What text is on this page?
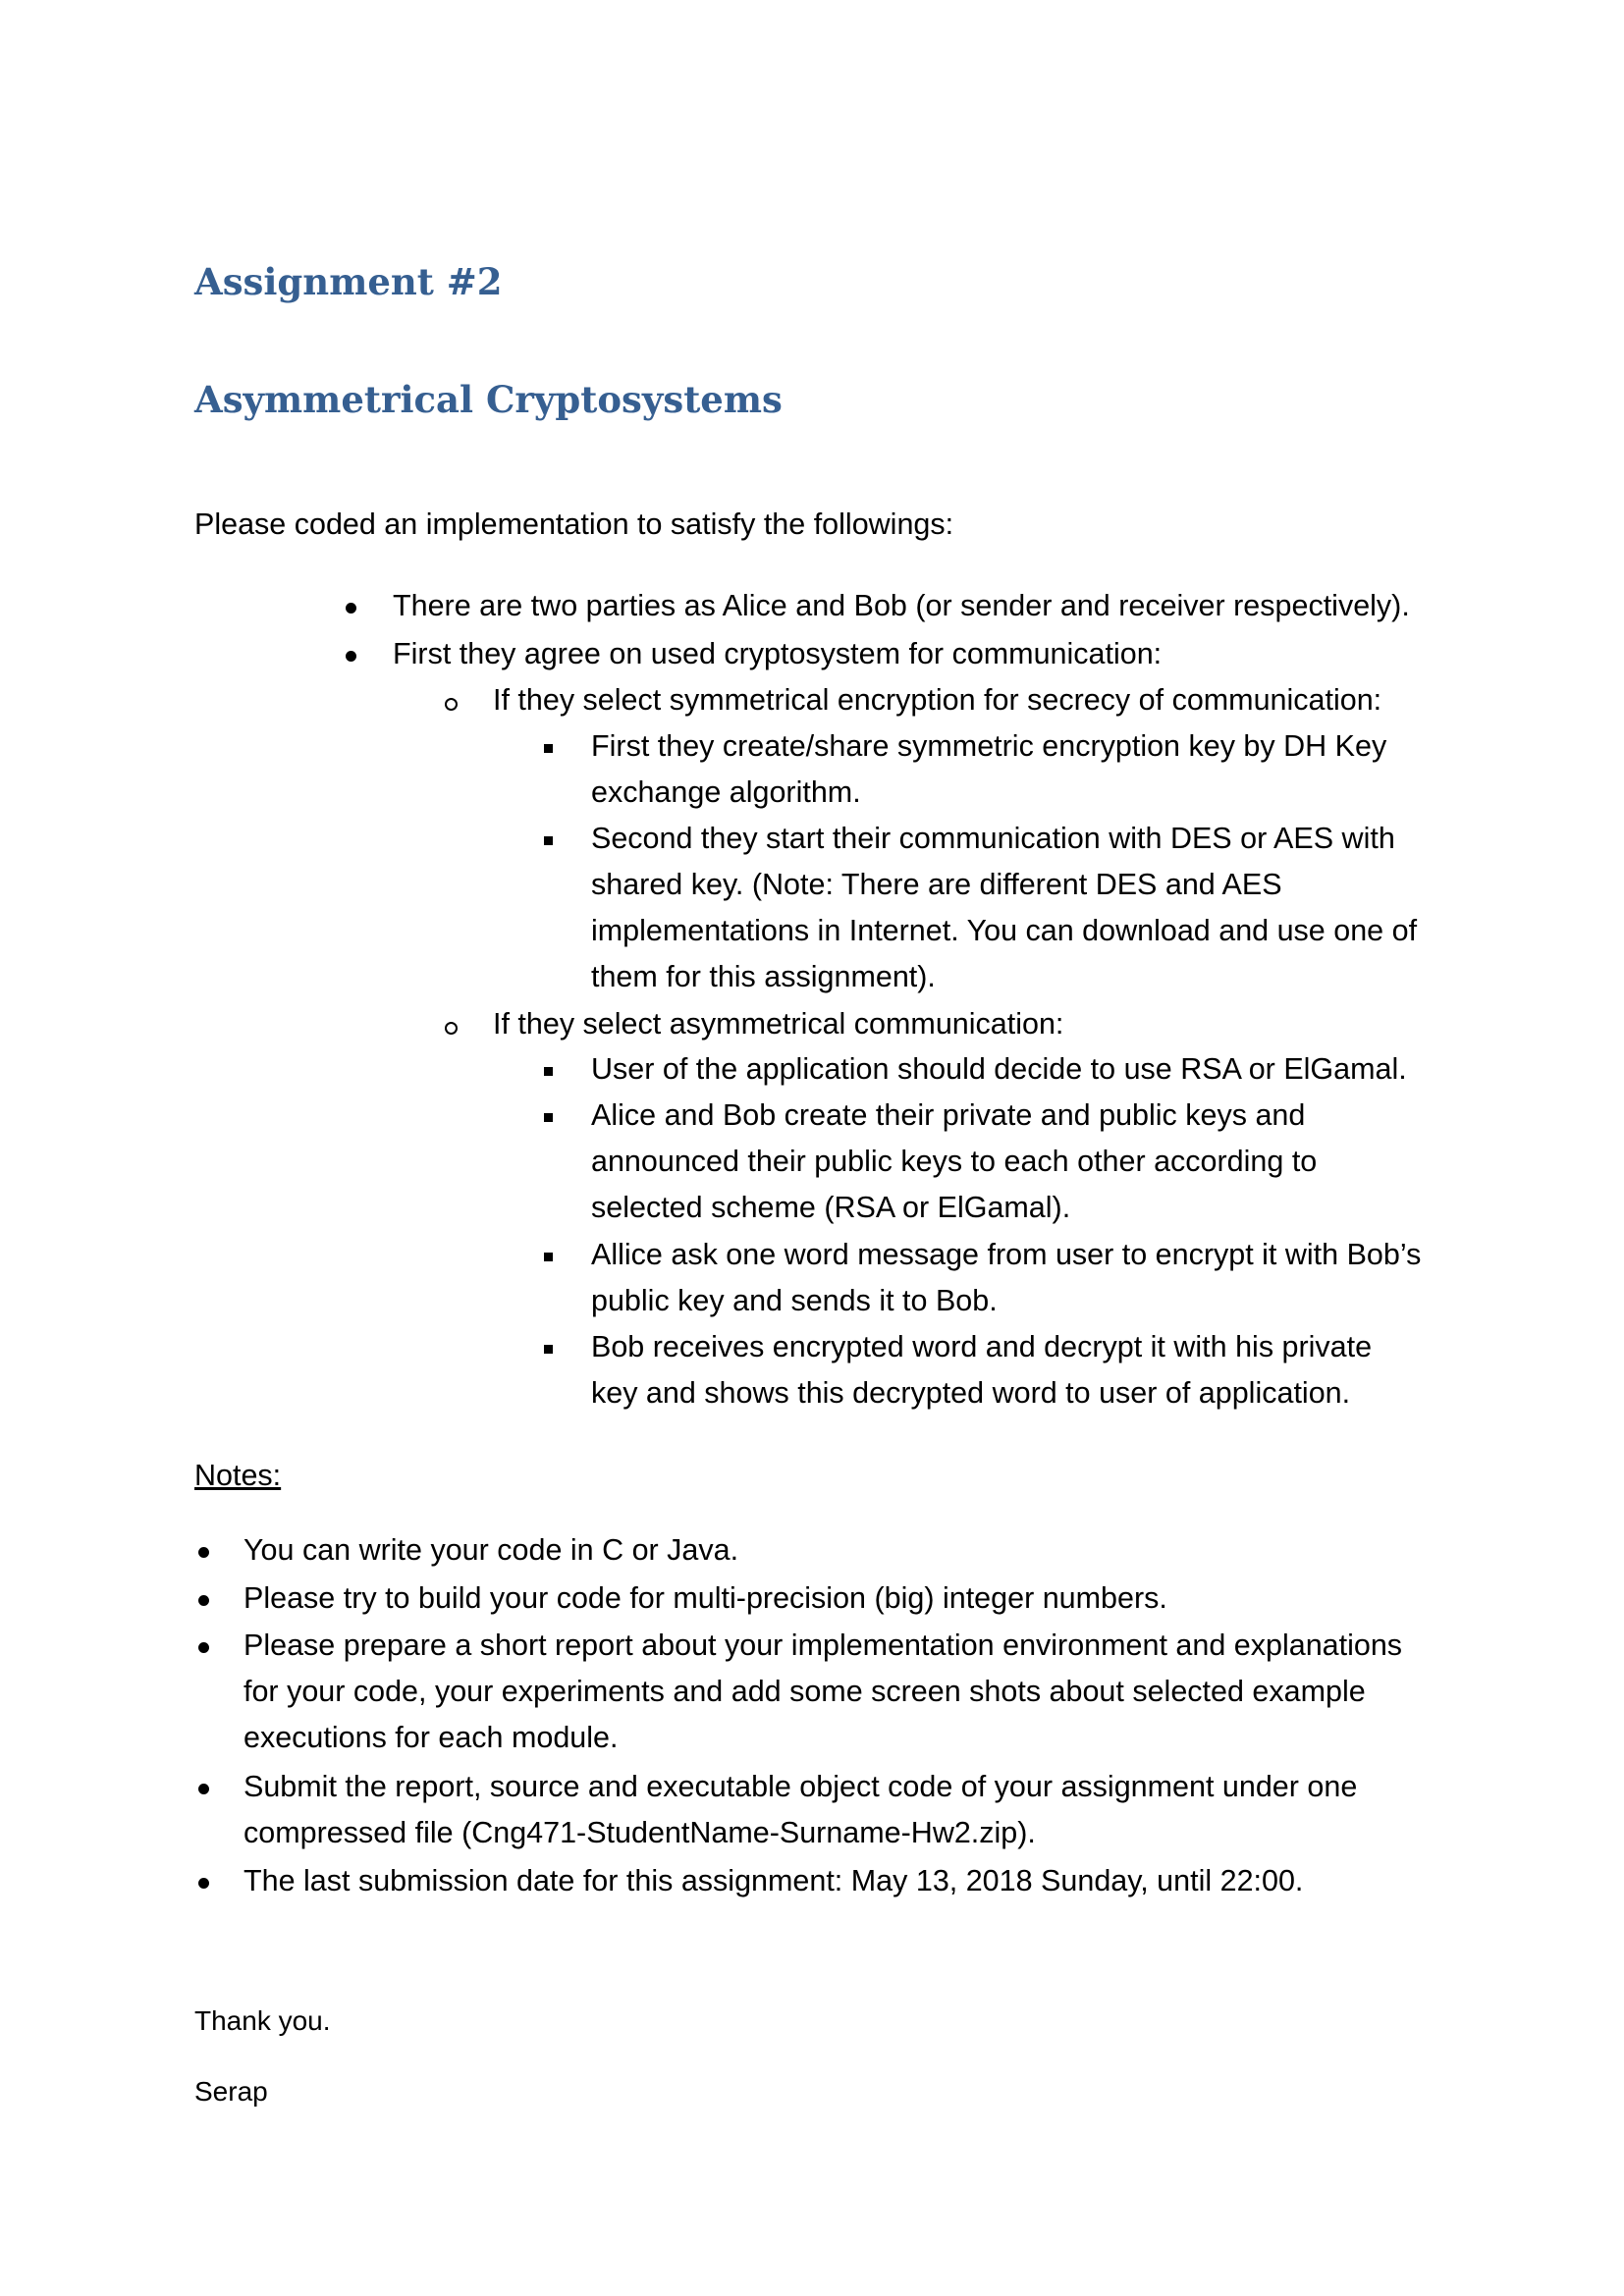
Assignment #2
Asymmetrical Cryptosystems
Please coded an implementation to satisfy the followings:
There are two parties as Alice and Bob (or sender and receiver respectively).
First they agree on used cryptosystem for communication:
If they select symmetrical encryption for secrecy of communication:
First they create/share symmetric encryption key by DH Key
exchange algorithm.
Second they start their communication with DES or AES with
shared key. (Note: There are different DES and AES
implementations in Internet. You can download and use one of
them for this assignment).
If they select asymmetrical communication:
User of the application should decide to use RSA or ElGamal.
Alice and Bob create their private and public keys and
announced their public keys to each other according to
selected scheme (RSA or ElGamal).
Allice ask one word message from user to encrypt it with Bob’s
public key and sends it to Bob.
Bob receives encrypted word and decrypt it with his private
key and shows this decrypted word to user of application.
Notes:
You can write your code in C or Java.
Please try to build your code for multi-precision (big) integer numbers.
Please prepare a short report about your implementation environment and explanations
for your code, your experiments and add some screen shots about selected example
executions for each module.
Submit the report, source and executable object code of your assignment under one
compressed file (Cng471-StudentName-Surname-Hw2.zip).
The last submission date for this assignment: May 13, 2018 Sunday, until 22:00.
Thank you.
Serap
